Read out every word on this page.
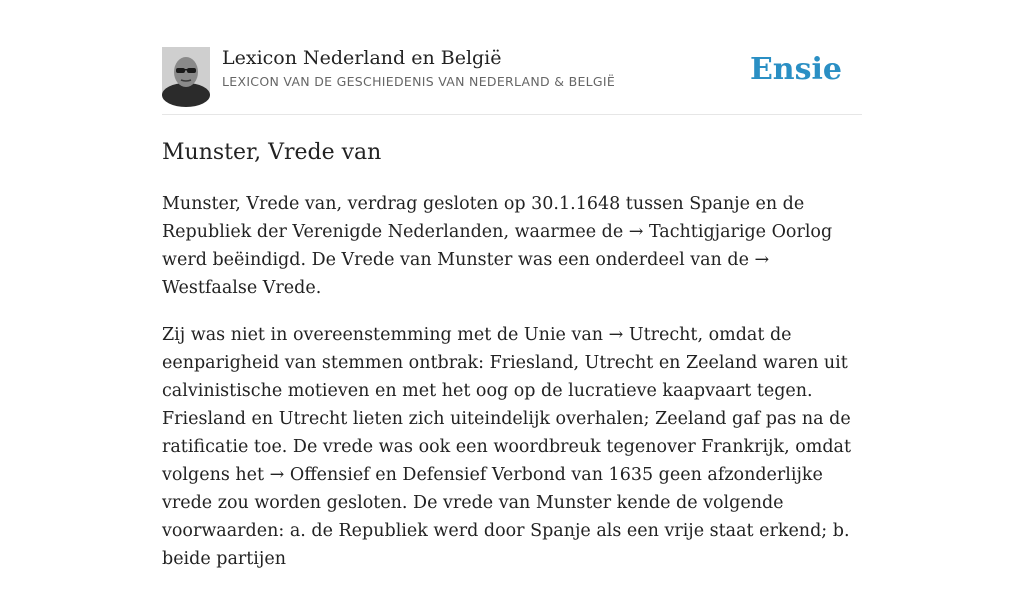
Lexicon Nederland en België
LEXICON VAN DE GESCHIEDENIS VAN NEDERLAND & BELGIË	Ensie
Munster, Vrede van

Munster, Vrede van, verdrag gesloten op 30.1.1648 tussen Spanje en de Republiek der Verenigde Nederlanden, waarmee de → Tachtigjarige Oorlog werd beëindigd. De Vrede van Munster was een onderdeel van de → Westfaalse Vrede.

Zij was niet in overeenstemming met de Unie van → Utrecht, omdat de eenparigheid van stemmen ontbrak: Friesland, Utrecht en Zeeland waren uit calvinistische motieven en met het oog op de lucratieve kaapvaart tegen. Friesland en Utrecht lieten zich uiteindelijk overhalen; Zeeland gaf pas na de ratificatie toe. De vrede was ook een woordbreuk tegenover Frankrijk, omdat volgens het → Offensief en Defensief Verbond van 1635 geen afzonderlijke vrede zou worden gesloten. De vrede van Munster kende de volgende voorwaarden: a. de Republiek werd door Spanje als een vrije staat erkend; b. beide partijen
